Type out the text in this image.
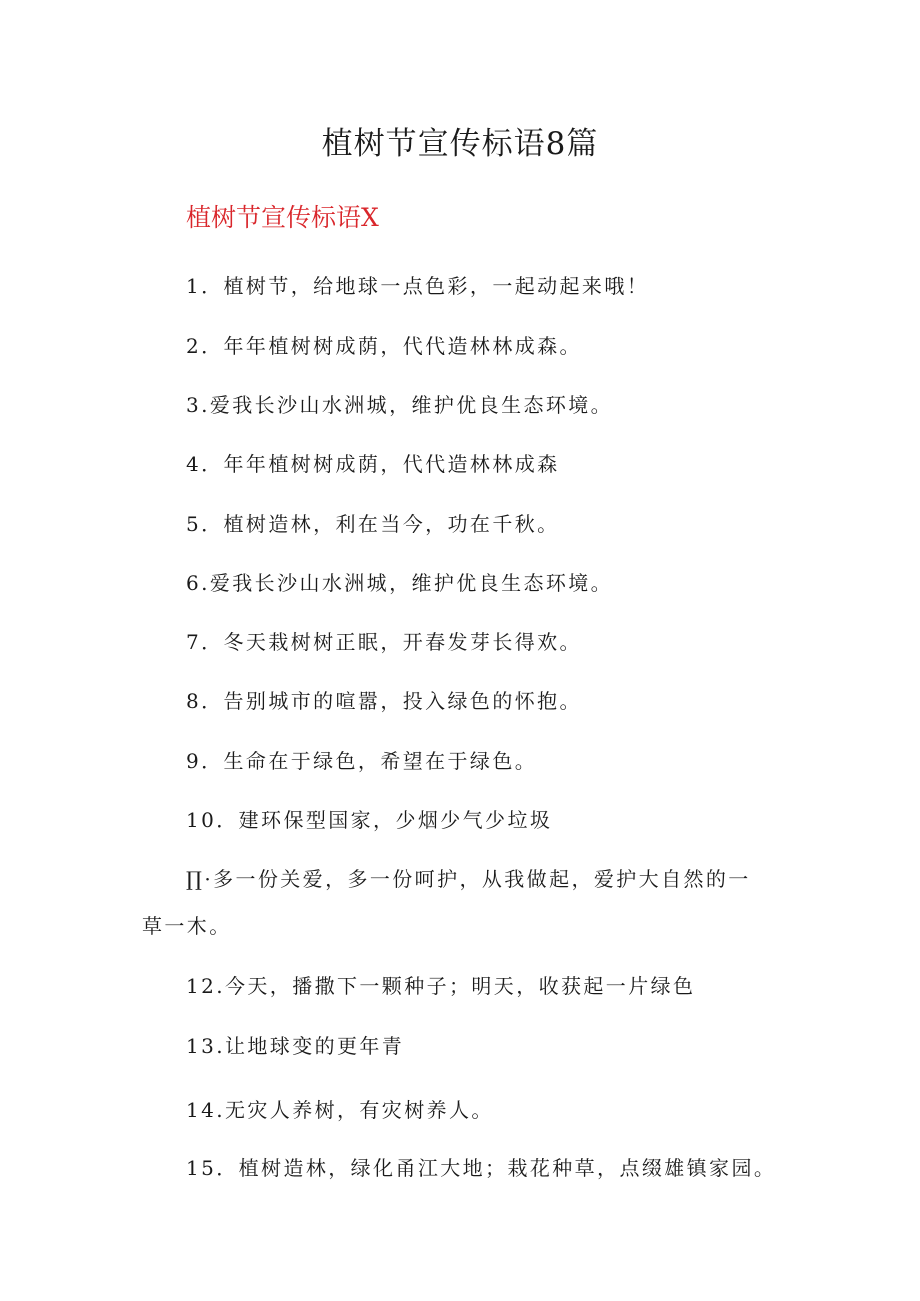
植树节宣传标语8篇
植树节宣传标语X
1．植树节，给地球一点色彩，一起动起来哦！
2．年年植树树成荫，代代造林林成森。
3.爱我长沙山水洲城，维护优良生态环境。
4．年年植树树成荫，代代造林林成森
5．植树造林，利在当今，功在千秋。
6.爱我长沙山水洲城，维护优良生态环境。
7．冬天栽树树正眠，开春发芽长得欢。
8．告别城市的喧嚣，投入绿色的怀抱。
9．生命在于绿色，希望在于绿色。
10．建环保型国家，少烟少气少垃圾
∏·多一份关爱，多一份呵护，从我做起，爱护大自然的一
草一木。
12.今天，播撒下一颗种子；明天，收获起一片绿色
13.让地球变的更年青
14.无灾人养树，有灾树养人。
15．植树造林，绿化甬江大地；栽花种草，点缀雄镇家园。
